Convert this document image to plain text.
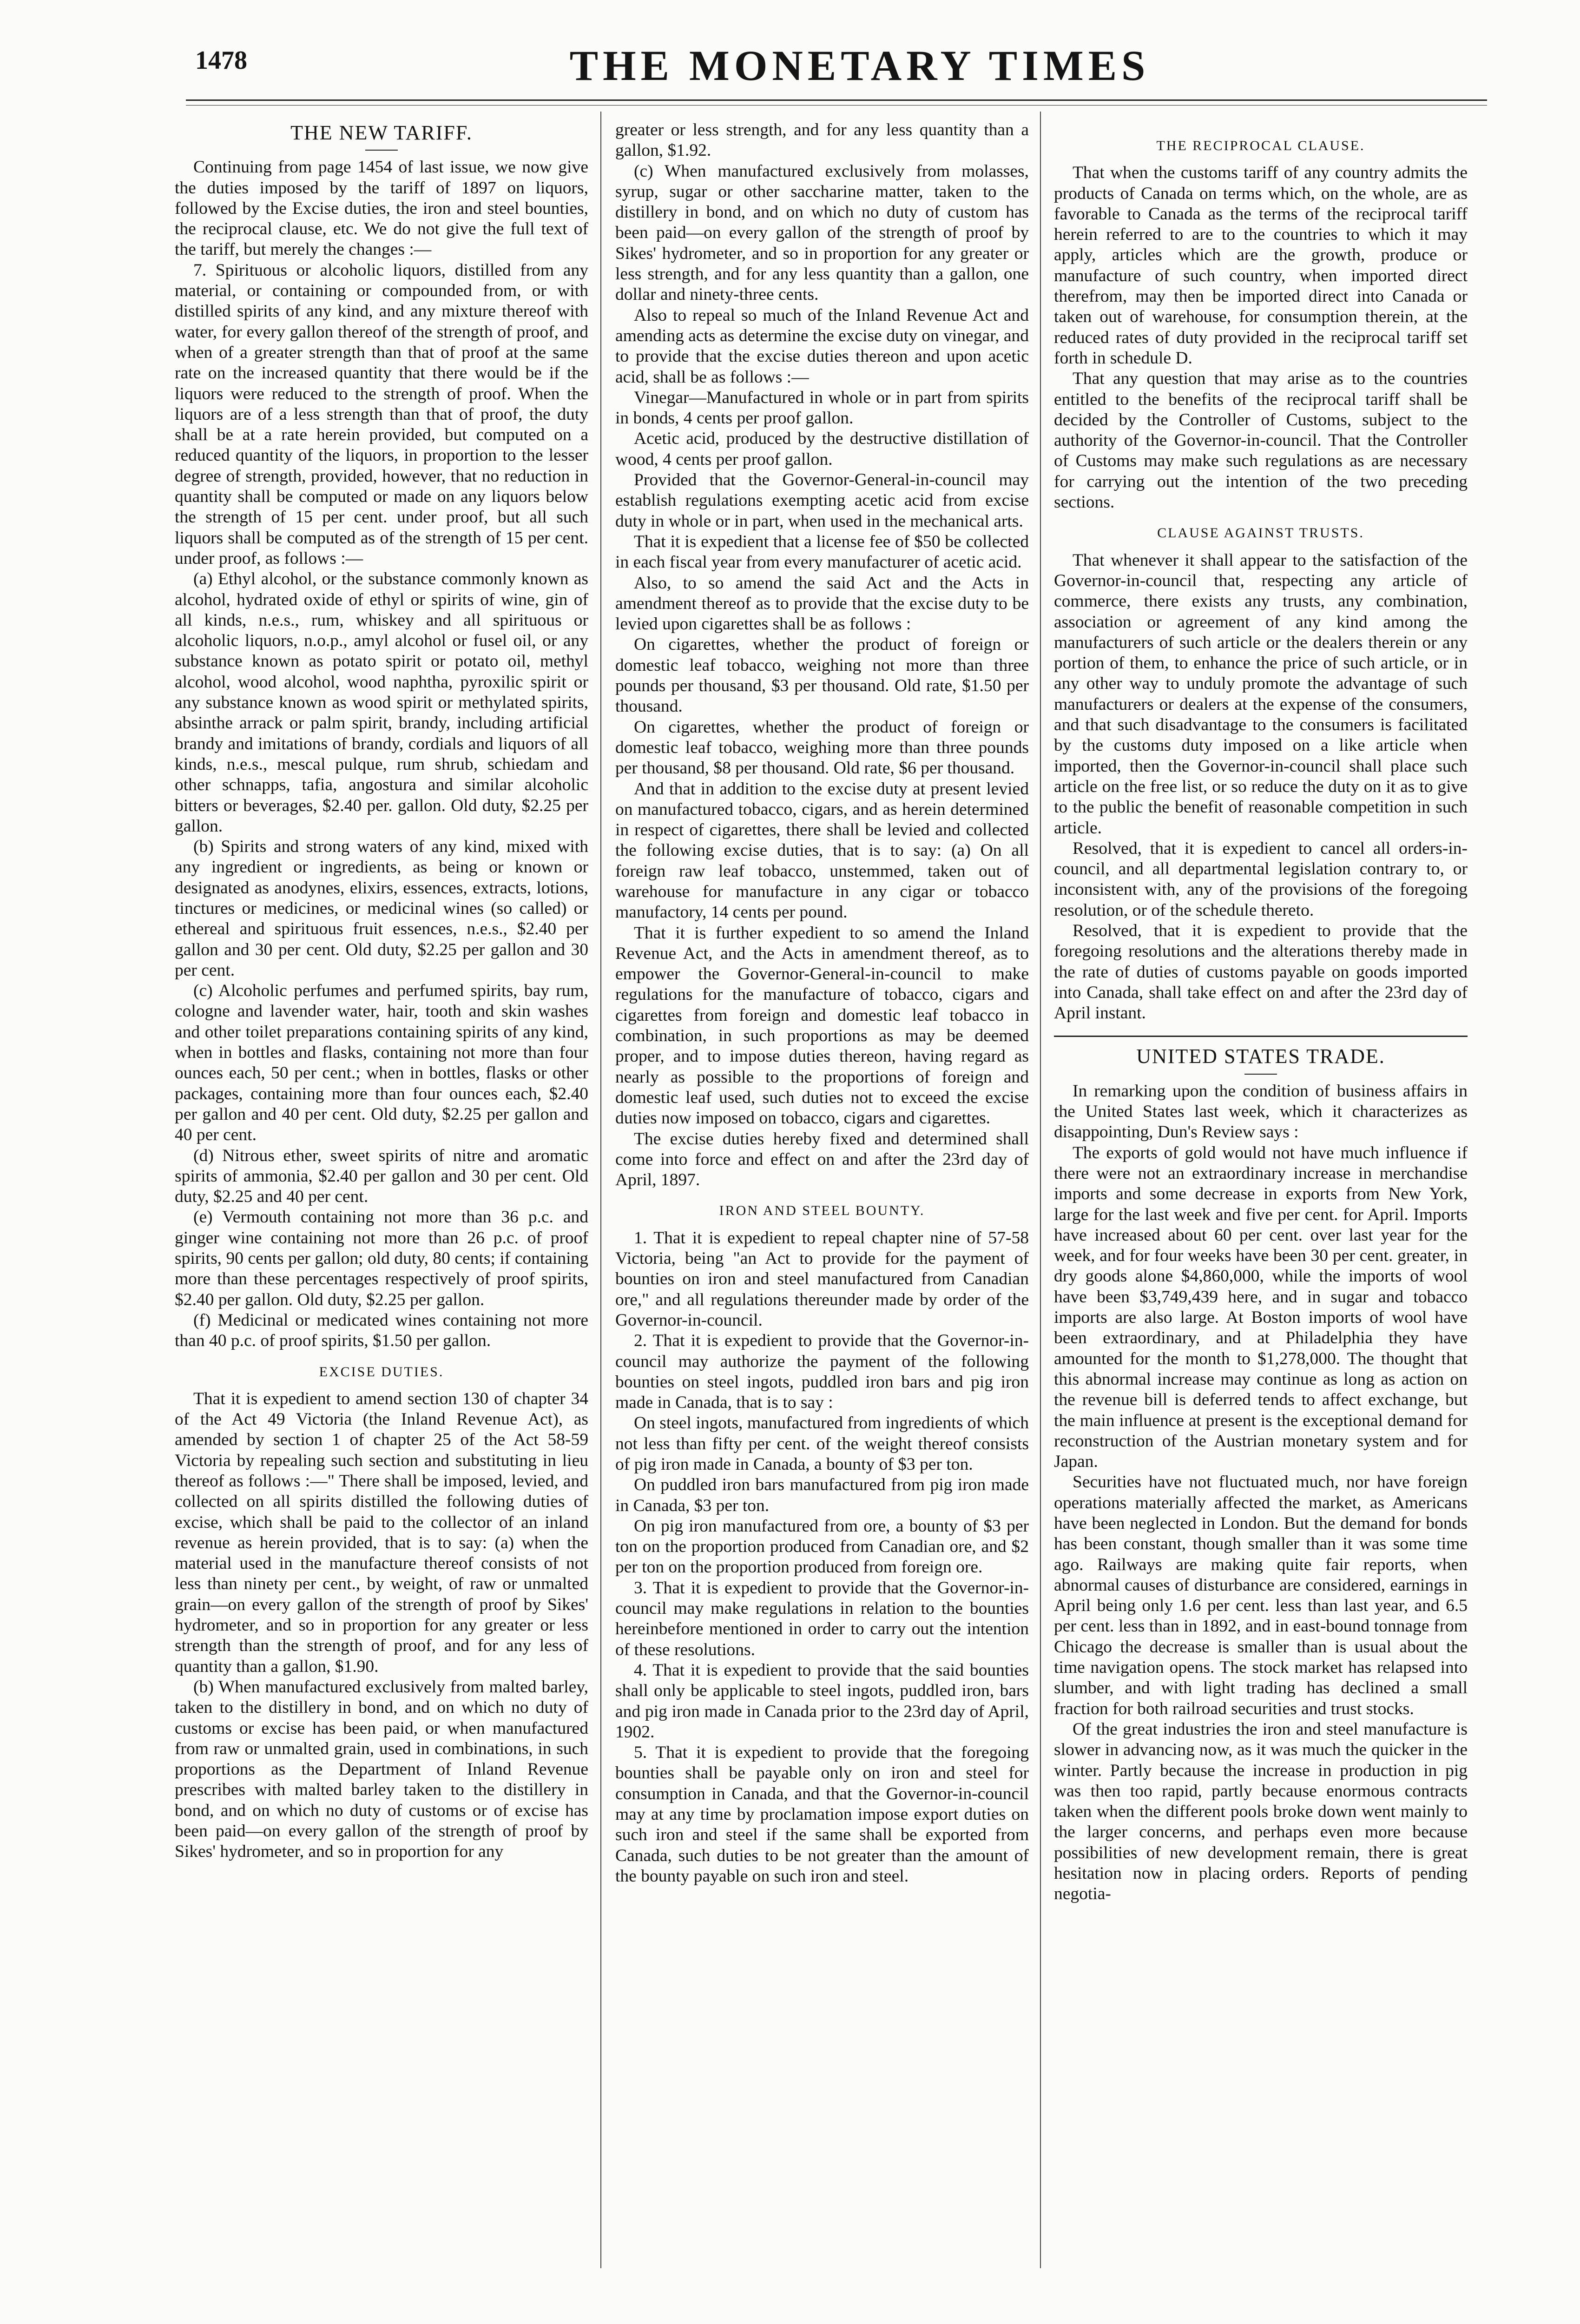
1478	THE MONETARY TIMES
THE NEW TARIFF.

Continuing from page 1454 of last issue, we now give the duties imposed by the tariff of 1897 on liquors, followed by the Excise duties, the iron and steel bounties, the reciprocal clause, etc. We do not give the full text of the tariff, but merely the changes :—

7. Spirituous or alcoholic liquors, distilled from any material, or containing or compounded from, or with distilled spirits of any kind, and any mixture thereof with water, for every gallon thereof of the strength of proof, and when of a greater strength than that of proof at the same rate on the increased quantity that there would be if the liquors were reduced to the strength of proof. When the liquors are of a less strength than that of proof, the duty shall be at a rate herein provided, but computed on a reduced quantity of the liquors, in proportion to the lesser degree of strength, provided, however, that no reduction in quantity shall be computed or made on any liquors below the strength of 15 per cent. under proof, but all such liquors shall be computed as of the strength of 15 per cent. under proof, as follows :—

(a) Ethyl alcohol, or the substance commonly known as alcohol, hydrated oxide of ethyl or spirits of wine, gin of all kinds, n.e.s., rum, whiskey and all spirituous or alcoholic liquors, n.o.p., amyl alcohol or fusel oil, or any substance known as potato spirit or potato oil, methyl alcohol, wood alcohol, wood naphtha, pyroxilic spirit or any substance known as wood spirit or methylated spirits, absinthe arrack or palm spirit, brandy, including artificial brandy and imitations of brandy, cordials and liquors of all kinds, n.e.s., mescal pulque, rum shrub, schiedam and other schnapps, tafia, angostura and similar alcoholic bitters or beverages, $2.40 per. gallon. Old duty, $2.25 per gallon.

(b) Spirits and strong waters of any kind, mixed with any ingredient or ingredients, as being or known or designated as anodynes, elixirs, essences, extracts, lotions, tinctures or medicines, or medicinal wines (so called) or ethereal and spirituous fruit essences, n.e.s., $2.40 per gallon and 30 per cent. Old duty, $2.25 per gallon and 30 per cent.

(c) Alcoholic perfumes and perfumed spirits, bay rum, cologne and lavender water, hair, tooth and skin washes and other toilet preparations containing spirits of any kind, when in bottles and flasks, containing not more than four ounces each, 50 per cent.; when in bottles, flasks or other packages, containing more than four ounces each, $2.40 per gallon and 40 per cent. Old duty, $2.25 per gallon and 40 per cent.

(d) Nitrous ether, sweet spirits of nitre and aromatic spirits of ammonia, $2.40 per gallon and 30 per cent. Old duty, $2.25 and 40 per cent.

(e) Vermouth containing not more than 36 p.c. and ginger wine containing not more than 26 p.c. of proof spirits, 90 cents per gallon; old duty, 80 cents; if containing more than these percentages respectively of proof spirits, $2.40 per gallon. Old duty, $2.25 per gallon.

(f) Medicinal or medicated wines containing not more than 40 p.c. of proof spirits, $1.50 per gallon.

EXCISE DUTIES.

That it is expedient to amend section 130 of chapter 34 of the Act 49 Victoria (the Inland Revenue Act), as amended by section 1 of chapter 25 of the Act 58-59 Victoria by repealing such section and substituting in lieu thereof as follows :—" There shall be imposed, levied, and collected on all spirits distilled the following duties of excise, which shall be paid to the collector of an inland revenue as herein provided, that is to say: (a) when the material used in the manufacture thereof consists of not less than ninety per cent., by weight, of raw or unmalted grain—on every gallon of the strength of proof by Sikes' hydrometer, and so in proportion for any greater or less strength than the strength of proof, and for any less of quantity than a gallon, $1.90.

(b) When manufactured exclusively from malted barley, taken to the distillery in bond, and on which no duty of customs or excise has been paid, or when manufactured from raw or unmalted grain, used in combinations, in such proportions as the Department of Inland Revenue prescribes with malted barley taken to the distillery in bond, and on which no duty of customs or of excise has been paid—on every gallon of the strength of proof by Sikes' hydrometer, and so in proportion for any

greater or less strength, and for any less quantity than a gallon, $1.92.

(c) When manufactured exclusively from molasses, syrup, sugar or other saccharine matter, taken to the distillery in bond, and on which no duty of custom has been paid—on every gallon of the strength of proof by Sikes' hydrometer, and so in proportion for any greater or less strength, and for any less quantity than a gallon, one dollar and ninety-three cents.

Also to repeal so much of the Inland Revenue Act and amending acts as determine the excise duty on vinegar, and to provide that the excise duties thereon and upon acetic acid, shall be as follows :—

Vinegar—Manufactured in whole or in part from spirits in bonds, 4 cents per proof gallon.

Acetic acid, produced by the destructive distillation of wood, 4 cents per proof gallon.

Provided that the Governor-General-in-council may establish regulations exempting acetic acid from excise duty in whole or in part, when used in the mechanical arts.

That it is expedient that a license fee of $50 be collected in each fiscal year from every manufacturer of acetic acid.

Also, to so amend the said Act and the Acts in amendment thereof as to provide that the excise duty to be levied upon cigarettes shall be as follows :

On cigarettes, whether the product of foreign or domestic leaf tobacco, weighing not more than three pounds per thousand, $3 per thousand. Old rate, $1.50 per thousand.

On cigarettes, whether the product of foreign or domestic leaf tobacco, weighing more than three pounds per thousand, $8 per thousand. Old rate, $6 per thousand.

And that in addition to the excise duty at present levied on manufactured tobacco, cigars, and as herein determined in respect of cigarettes, there shall be levied and collected the following excise duties, that is to say: (a) On all foreign raw leaf tobacco, unstemmed, taken out of warehouse for manufacture in any cigar or tobacco manufactory, 14 cents per pound.

That it is further expedient to so amend the Inland Revenue Act, and the Acts in amendment thereof, as to empower the Governor-General-in-council to make regulations for the manufacture of tobacco, cigars and cigarettes from foreign and domestic leaf tobacco in combination, in such proportions as may be deemed proper, and to impose duties thereon, having regard as nearly as possible to the proportions of foreign and domestic leaf used, such duties not to exceed the excise duties now imposed on tobacco, cigars and cigarettes.

The excise duties hereby fixed and determined shall come into force and effect on and after the 23rd day of April, 1897.

IRON AND STEEL BOUNTY.

1. That it is expedient to repeal chapter nine of 57-58 Victoria, being "an Act to provide for the payment of bounties on iron and steel manufactured from Canadian ore," and all regulations thereunder made by order of the Governor-in-council.

2. That it is expedient to provide that the Governor-in-council may authorize the payment of the following bounties on steel ingots, puddled iron bars and pig iron made in Canada, that is to say :

On steel ingots, manufactured from ingredients of which not less than fifty per cent. of the weight thereof consists of pig iron made in Canada, a bounty of $3 per ton.

On puddled iron bars manufactured from pig iron made in Canada, $3 per ton.

On pig iron manufactured from ore, a bounty of $3 per ton on the proportion produced from Canadian ore, and $2 per ton on the proportion produced from foreign ore.

3. That it is expedient to provide that the Governor-in-council may make regulations in relation to the bounties hereinbefore mentioned in order to carry out the intention of these resolutions.

4. That it is expedient to provide that the said bounties shall only be applicable to steel ingots, puddled iron, bars and pig iron made in Canada prior to the 23rd day of April, 1902.

5. That it is expedient to provide that the foregoing bounties shall be payable only on iron and steel for consumption in Canada, and that the Governor-in-council may at any time by proclamation impose export duties on such iron and steel if the same shall be exported from Canada, such duties to be not greater than the amount of the bounty payable on such iron and steel.

THE RECIPROCAL CLAUSE.

That when the customs tariff of any country admits the products of Canada on terms which, on the whole, are as favorable to Canada as the terms of the reciprocal tariff herein referred to are to the countries to which it may apply, articles which are the growth, produce or manufacture of such country, when imported direct therefrom, may then be imported direct into Canada or taken out of warehouse, for consumption therein, at the reduced rates of duty provided in the reciprocal tariff set forth in schedule D.

That any question that may arise as to the countries entitled to the benefits of the reciprocal tariff shall be decided by the Controller of Customs, subject to the authority of the Governor-in-council. That the Controller of Customs may make such regulations as are necessary for carrying out the intention of the two preceding sections.

CLAUSE AGAINST TRUSTS.

That whenever it shall appear to the satisfaction of the Governor-in-council that, respecting any article of commerce, there exists any trusts, any combination, association or agreement of any kind among the manufacturers of such article or the dealers therein or any portion of them, to enhance the price of such article, or in any other way to unduly promote the advantage of such manufacturers or dealers at the expense of the consumers, and that such disadvantage to the consumers is facilitated by the customs duty imposed on a like article when imported, then the Governor-in-council shall place such article on the free list, or so reduce the duty on it as to give to the public the benefit of reasonable competition in such article.

Resolved, that it is expedient to cancel all orders-in-council, and all departmental legislation contrary to, or inconsistent with, any of the provisions of the foregoing resolution, or of the schedule thereto.

Resolved, that it is expedient to provide that the foregoing resolutions and the alterations thereby made in the rate of duties of customs payable on goods imported into Canada, shall take effect on and after the 23rd day of April instant.

UNITED STATES TRADE.

In remarking upon the condition of business affairs in the United States last week, which it characterizes as disappointing, Dun's Review says :

The exports of gold would not have much influence if there were not an extraordinary increase in merchandise imports and some decrease in exports from New York, large for the last week and five per cent. for April. Imports have increased about 60 per cent. over last year for the week, and for four weeks have been 30 per cent. greater, in dry goods alone $4,860,000, while the imports of wool have been $3,749,439 here, and in sugar and tobacco imports are also large. At Boston imports of wool have been extraordinary, and at Philadelphia they have amounted for the month to $1,278,000. The thought that this abnormal increase may continue as long as action on the revenue bill is deferred tends to affect exchange, but the main influence at present is the exceptional demand for reconstruction of the Austrian monetary system and for Japan.

Securities have not fluctuated much, nor have foreign operations materially affected the market, as Americans have been neglected in London. But the demand for bonds has been constant, though smaller than it was some time ago. Railways are making quite fair reports, when abnormal causes of disturbance are considered, earnings in April being only 1.6 per cent. less than last year, and 6.5 per cent. less than in 1892, and in east-bound tonnage from Chicago the decrease is smaller than is usual about the time navigation opens. The stock market has relapsed into slumber, and with light trading has declined a small fraction for both railroad securities and trust stocks.

Of the great industries the iron and steel manufacture is slower in advancing now, as it was much the quicker in the winter. Partly because the increase in production in pig was then too rapid, partly because enormous contracts taken when the different pools broke down went mainly to the larger concerns, and perhaps even more because possibilities of new development remain, there is great hesitation now in placing orders. Reports of pending negotia-
